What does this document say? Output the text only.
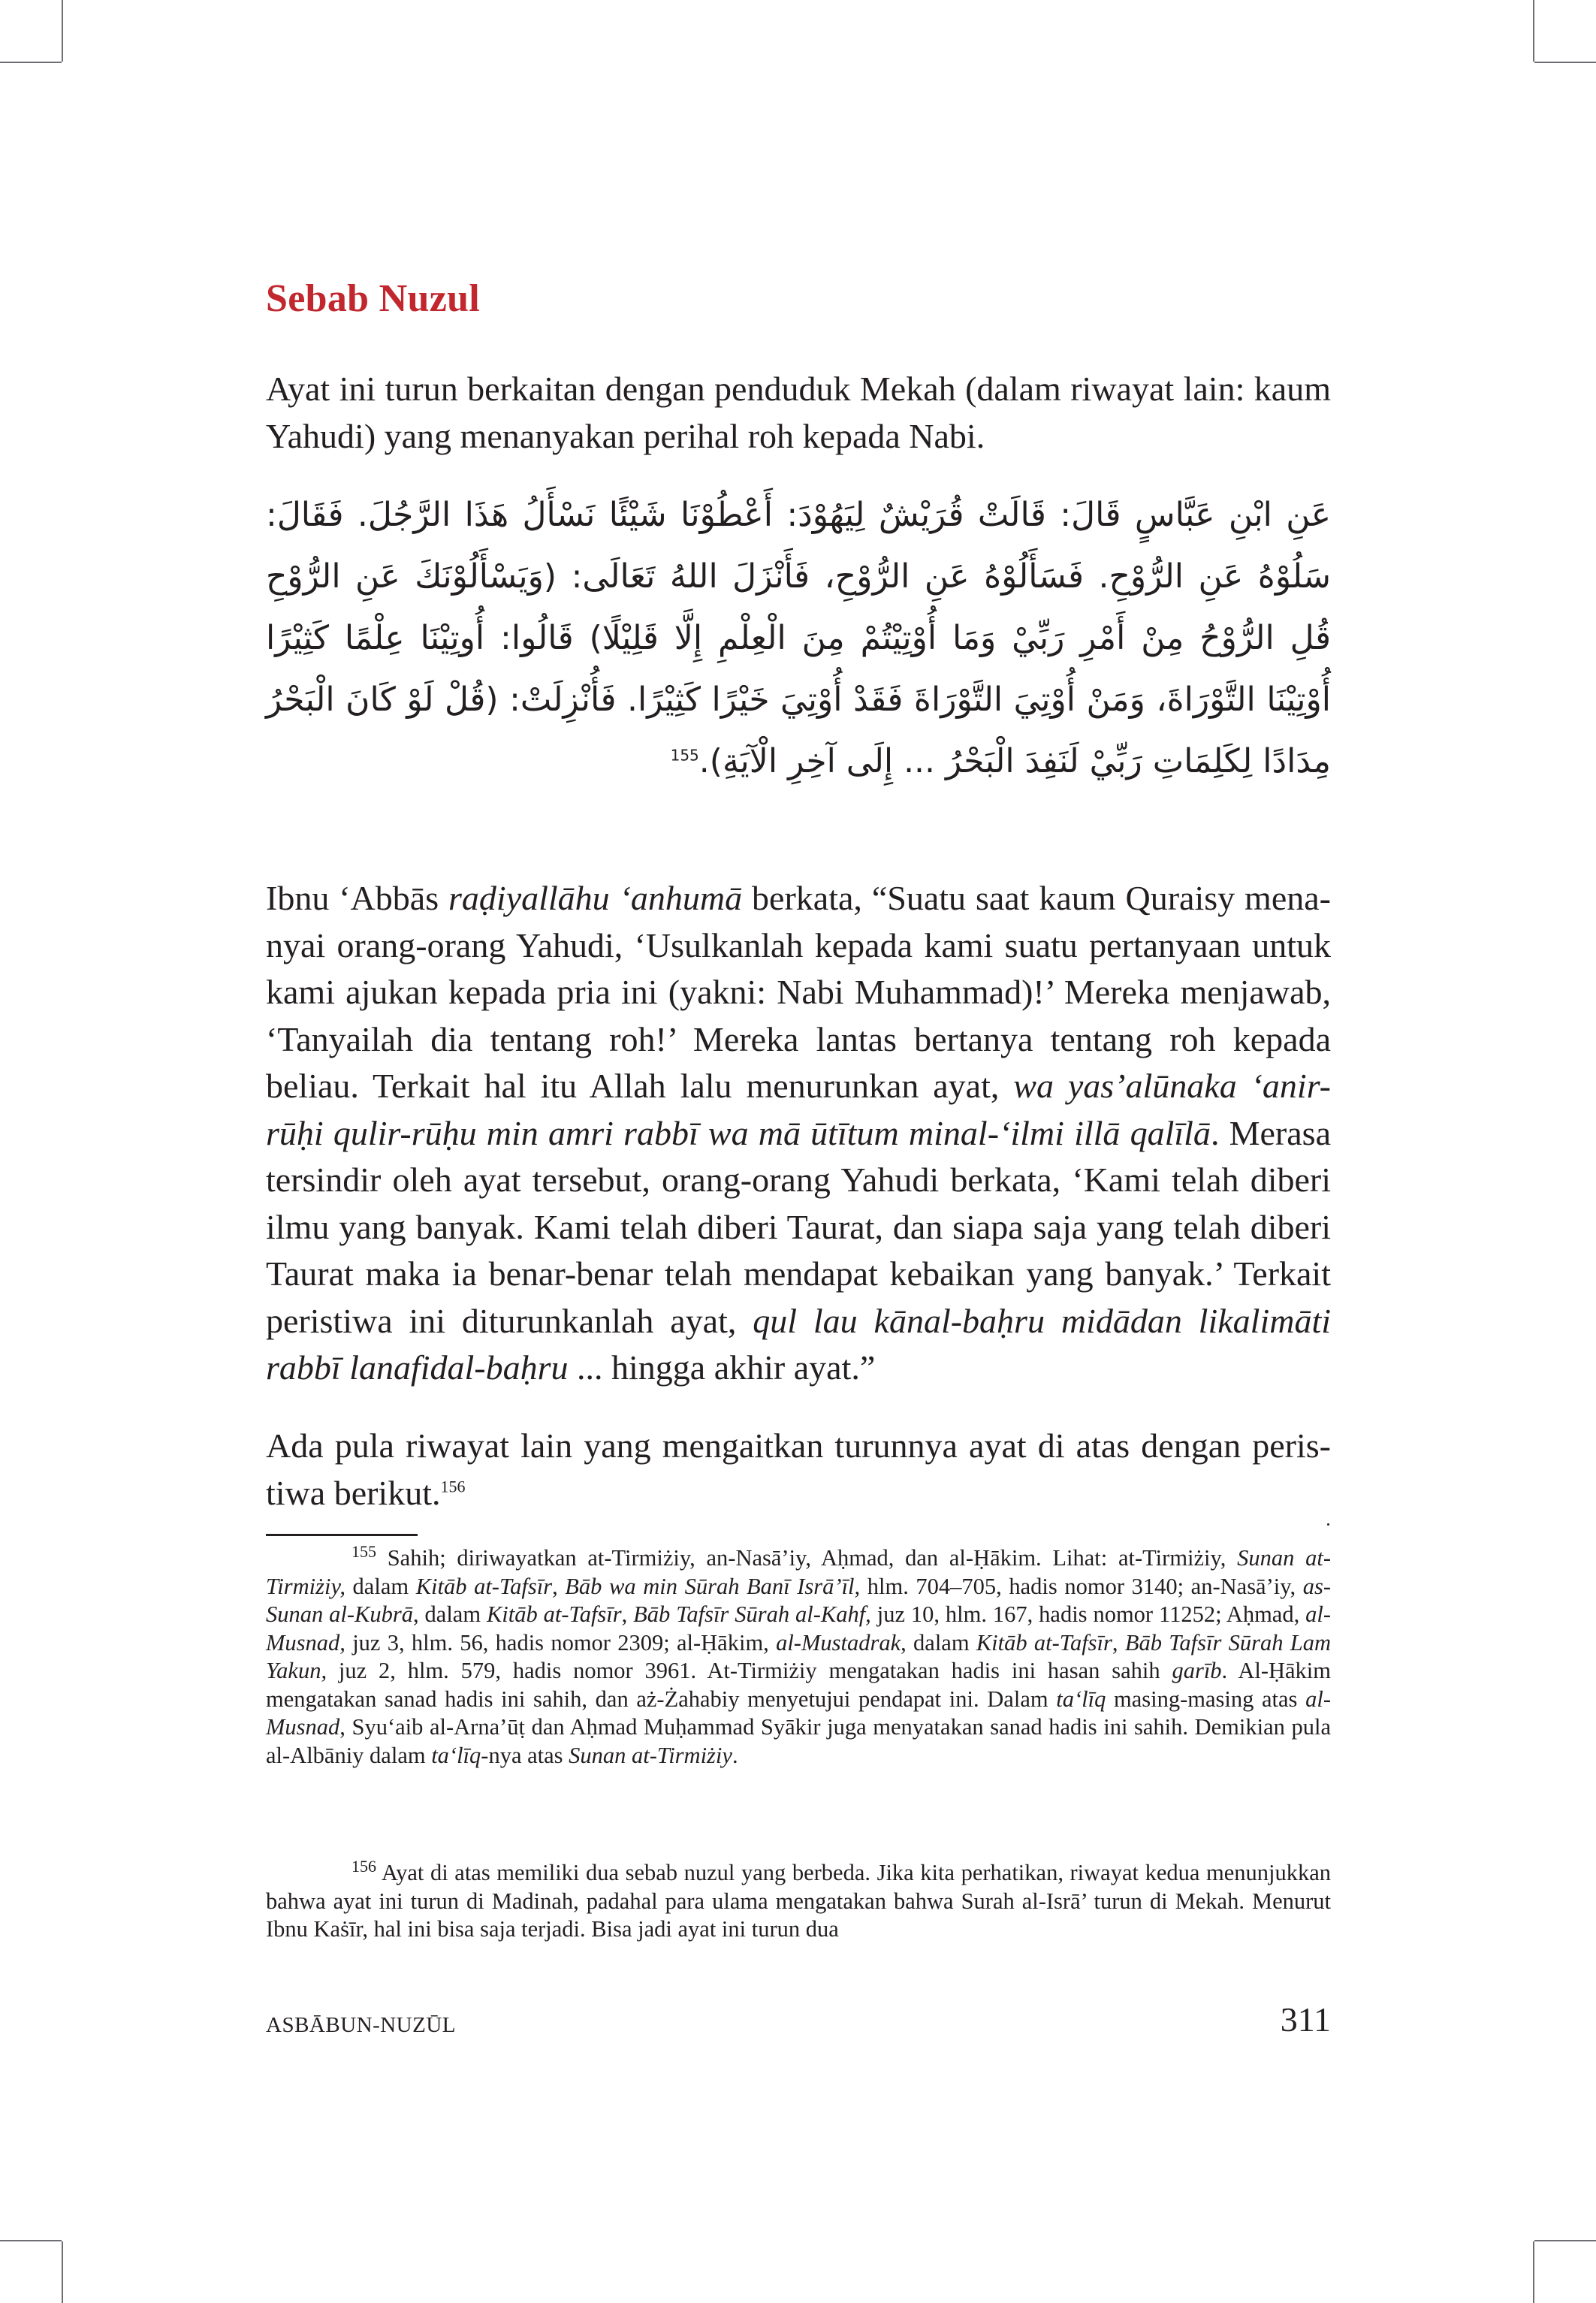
Sebab Nuzul

Ayat ini turun berkaitan dengan penduduk Mekah (dalam riwayat lain: kaum Yahudi) yang menanyakan perihal roh kepada Nabi.

عَنِ ابْنِ عَبَّاسٍ قَالَ: قَالَتْ قُرَيْشٌ لِيَهُوْدَ: أَعْطُوْنَا شَيْئًا نَسْأَلُ هَذَا الرَّجُلَ. فَقَالَ: سَلُوْهُ عَنِ الرُّوْحِ. فَسَأَلُوْهُ عَنِ الرُّوْحِ، فَأَنْزَلَ اللهُ تَعَالَى: (وَيَسْأَلُوْنَكَ عَنِ الرُّوْحِ قُلِ الرُّوْحُ مِنْ أَمْرِ رَبِّيْ وَمَا أُوْتِيْتُمْ مِنَ الْعِلْمِ إِلَّا قَلِيْلًا) قَالُوا: أُوتِيْنَا عِلْمًا كَثِيْرًا أُوْتِيْنَا التَّوْرَاةَ، وَمَنْ أُوْتِيَ التَّوْرَاةَ فَقَدْ أُوْتِيَ خَيْرًا كَثِيْرًا. فَأُنْزِلَتْ: (قُلْ لَوْ كَانَ الْبَحْرُ مِدَادًا لِكَلِمَاتِ رَبِّيْ لَنَفِدَ الْبَحْرُ ... إِلَى آخِرِ الْآيَةِ).$^{155}$

Ibnu ‘Abbās raḍiyallāhu ‘anhumā berkata, “Suatu saat kaum Quraisy menanyai orang-orang Yahudi, ‘Usulkanlah kepada kami suatu pertanyaan untuk kami ajukan kepada pria ini (yakni: Nabi Muhammad)!’ Mereka menjawab, ‘Tanyailah dia tentang roh!’ Mereka lantas bertanya tentang roh kepada beliau. Terkait hal itu Allah lalu menurunkan ayat, wa yas’alūnaka ‘anir-rūḥi qulir-rūḥu min amri rabbī wa mā ūtītum minal-‘ilmi illā qalīlā. Merasa tersindir oleh ayat tersebut, orang-orang Yahudi berkata, ‘Kami telah diberi ilmu yang banyak. Kami telah diberi Taurat, dan siapa saja yang telah diberi Taurat maka ia benar-benar telah mendapat kebaikan yang banyak.’ Terkait peristiwa ini diturunkanlah ayat, qul lau kānal-baḥru midādan likalimāti rabbī lanafidal-baḥru ... hingga akhir ayat.”

Ada pula riwayat lain yang mengaitkan turunnya ayat di atas dengan peristiwa berikut.$^{156}$

$^{155}$ Sahih; diriwayatkan at-Tirmiżiy, an-Nasā’iy, Aḥmad, dan al-Ḥākim. Lihat: at-Tirmiżiy, Sunan at-Tirmiżiy, dalam Kitāb at-Tafsīr, Bāb wa min Sūrah Banī Isrā’īl, hlm. 704–705, hadis nomor 3140; an-Nasā’iy, as-Sunan al-Kubrā, dalam Kitāb at-Tafsīr, Bāb Tafsīr Sūrah al-Kahf, juz 10, hlm. 167, hadis nomor 11252; Aḥmad, al-Musnad, juz 3, hlm. 56, hadis nomor 2309; al-Ḥākim, al-Mustadrak, dalam Kitāb at-Tafsīr, Bāb Tafsīr Sūrah Lam Yakun, juz 2, hlm. 579, hadis nomor 3961. At-Tirmiżiy mengatakan hadis ini hasan sahih garīb. Al-Ḥākim mengatakan sanad hadis ini sahih, dan aż-Żahabiy menyetujui pendapat ini. Dalam ta‘līq masing-masing atas al-Musnad, Syu‘aib al-Arna’ūṭ dan Aḥmad Muḥammad Syākir juga menyatakan sanad hadis ini sahih. Demikian pula al-Albāniy dalam ta‘līq-nya atas Sunan at-Tirmiżiy.

$^{156}$ Ayat di atas memiliki dua sebab nuzul yang berbeda. Jika kita perhatikan, riwayat kedua menunjukkan bahwa ayat ini turun di Madinah, padahal para ulama mengatakan bahwa Surah al-Isrā’ turun di Mekah. Menurut Ibnu Kaṡīr, hal ini bisa saja terjadi. Bisa jadi ayat ini turun dua

ASBĀBUN-NUZŪL	311
